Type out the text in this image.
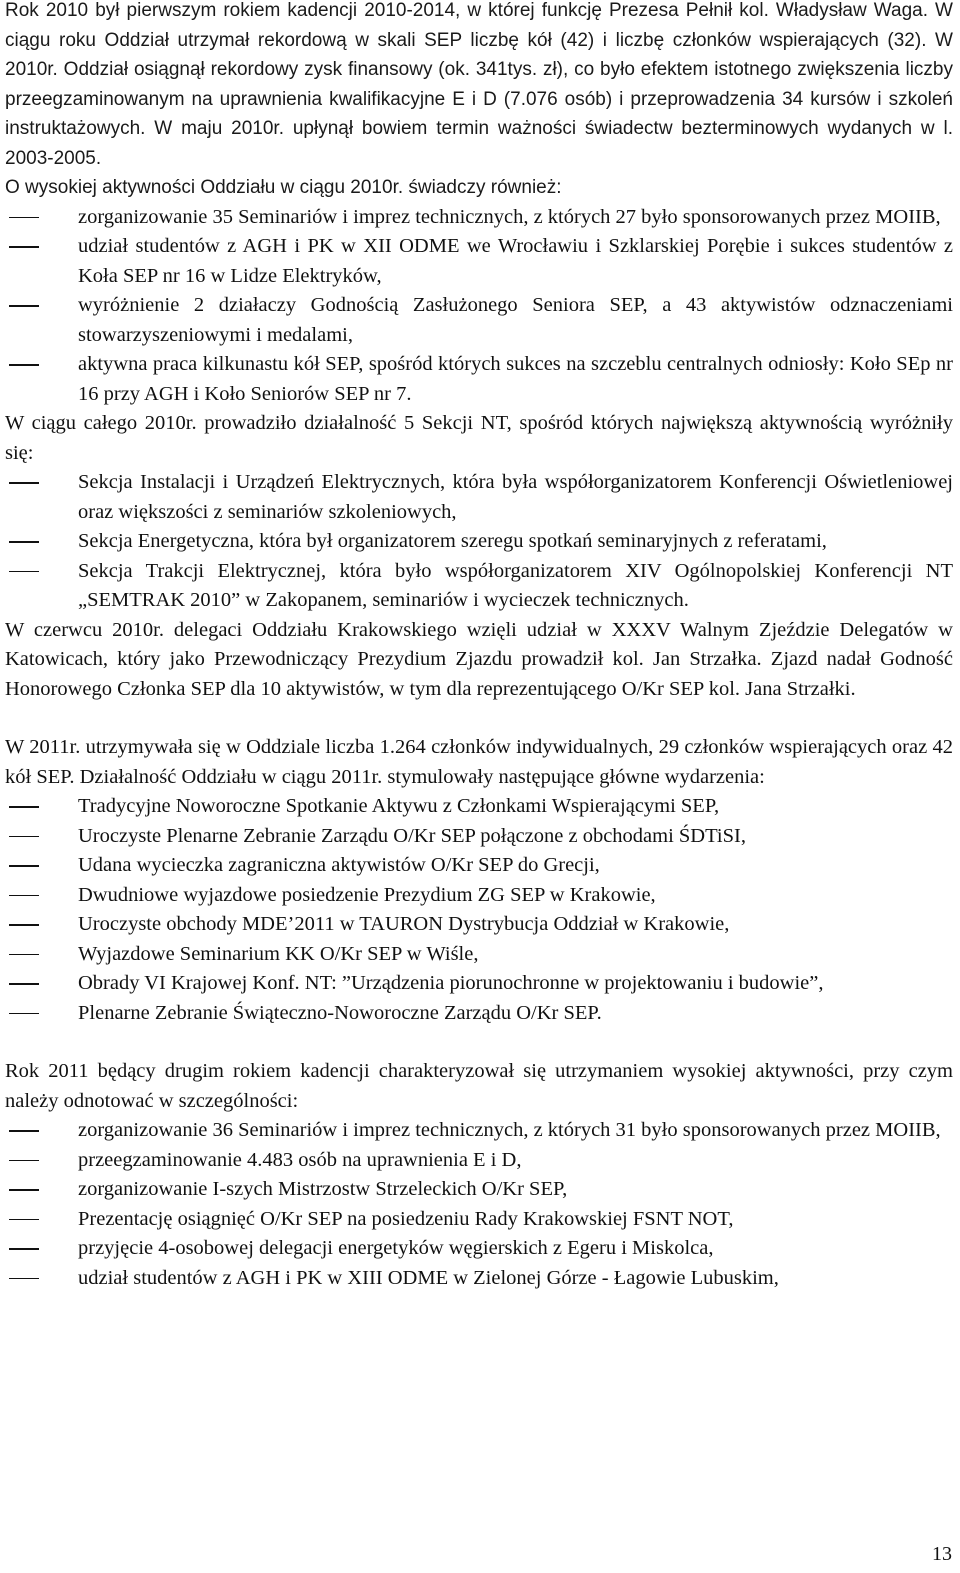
Rok 2010 był pierwszym rokiem kadencji 2010-2014, w której funkcję Prezesa Pełnił kol. Władysław Waga. W ciągu roku Oddział utrzymał rekordową w skali SEP liczbę kół (42) i liczbę członków wspierających (32). W 2010r. Oddział osiągnął rekordowy zysk finansowy (ok. 341tys. zł), co było efektem istotnego zwiększenia liczby przeegzaminowanym na uprawnienia kwalifikacyjne E i D (7.076 osób) i przeprowadzenia 34 kursów i szkoleń instruktażowych. W maju 2010r. upłynął bowiem termin ważności świadectw bezterminowych wydanych w l. 2003-2005.

O wysokiej aktywności Oddziału w ciągu 2010r. świadczy również:

zorganizowanie 35 Seminariów i imprez technicznych, z których 27 było sponsorowanych przez MOIIB,
udział studentów z AGH i PK w XII ODME we Wrocławiu i Szklarskiej Porębie i sukces studentów z Koła SEP nr 16 w Lidze Elektryków,
wyróżnienie 2 działaczy Godnością Zasłużonego Seniora SEP, a 43 aktywistów odznaczeniami stowarzyszeniowymi i medalami,
aktywna praca kilkunastu kół SEP, spośród których sukces na szczeblu centralnych odniosły: Koło SEp nr 16 przy AGH i Koło Seniorów SEP nr 7.

W ciągu całego 2010r. prowadziło działalność 5 Sekcji NT, spośród których największą aktywnością wyróżniły się:

Sekcja Instalacji i Urządzeń Elektrycznych, która była współorganizatorem Konferencji Oświetleniowej oraz większości z seminariów szkoleniowych,
Sekcja Energetyczna, która był organizatorem szeregu spotkań seminaryjnych z referatami,
Sekcja Trakcji Elektrycznej, która było współorganizatorem XIV Ogólnopolskiej Konferencji NT „SEMTRAK 2010” w Zakopanem, seminariów i wycieczek technicznych.

W czerwcu 2010r. delegaci Oddziału Krakowskiego wzięli udział w XXXV Walnym Zjeździe Delegatów w Katowicach, który jako Przewodniczący Prezydium Zjazdu prowadził kol. Jan Strzałka. Zjazd nadał Godność Honorowego Członka SEP dla 10 aktywistów, w tym dla reprezentującego O/Kr SEP kol. Jana Strzałki.

W 2011r. utrzymywała się w Oddziale liczba 1.264 członków indywidualnych, 29 członków wspierających oraz 42 kół SEP. Działalność Oddziału w ciągu 2011r. stymulowały następujące główne wydarzenia:

Tradycyjne Noworoczne Spotkanie Aktywu z Członkami Wspierającymi SEP,
Uroczyste Plenarne Zebranie Zarządu O/Kr SEP połączone z obchodami ŚDTiSI,
Udana wycieczka zagraniczna aktywistów O/Kr SEP do Grecji,
Dwudniowe wyjazdowe posiedzenie Prezydium ZG SEP w Krakowie,
Uroczyste obchody MDE’2011 w TAURON Dystrybucja Oddział w Krakowie,
Wyjazdowe Seminarium KK O/Kr SEP w Wiśle,
Obrady VI Krajowej Konf. NT: ”Urządzenia piorunochronne w projektowaniu i budowie”,
Plenarne Zebranie Świąteczno-Noworoczne Zarządu O/Kr SEP.

Rok 2011 będący drugim rokiem kadencji charakteryzował się utrzymaniem wysokiej aktywności, przy czym należy odnotować w szczególności:

zorganizowanie 36 Seminariów i imprez technicznych, z których 31 było sponsorowanych przez MOIIB,
przeegzaminowanie 4.483 osób na uprawnienia E i D,
zorganizowanie I-szych Mistrzostw Strzeleckich O/Kr SEP,
Prezentację osiągnięć O/Kr SEP na posiedzeniu Rady Krakowskiej FSNT NOT,
przyjęcie 4-osobowej delegacji energetyków węgierskich z Egeru i Miskolca,
udział studentów z AGH i PK w XIII ODME w Zielonej Górze - Łagowie Lubuskim,
13
